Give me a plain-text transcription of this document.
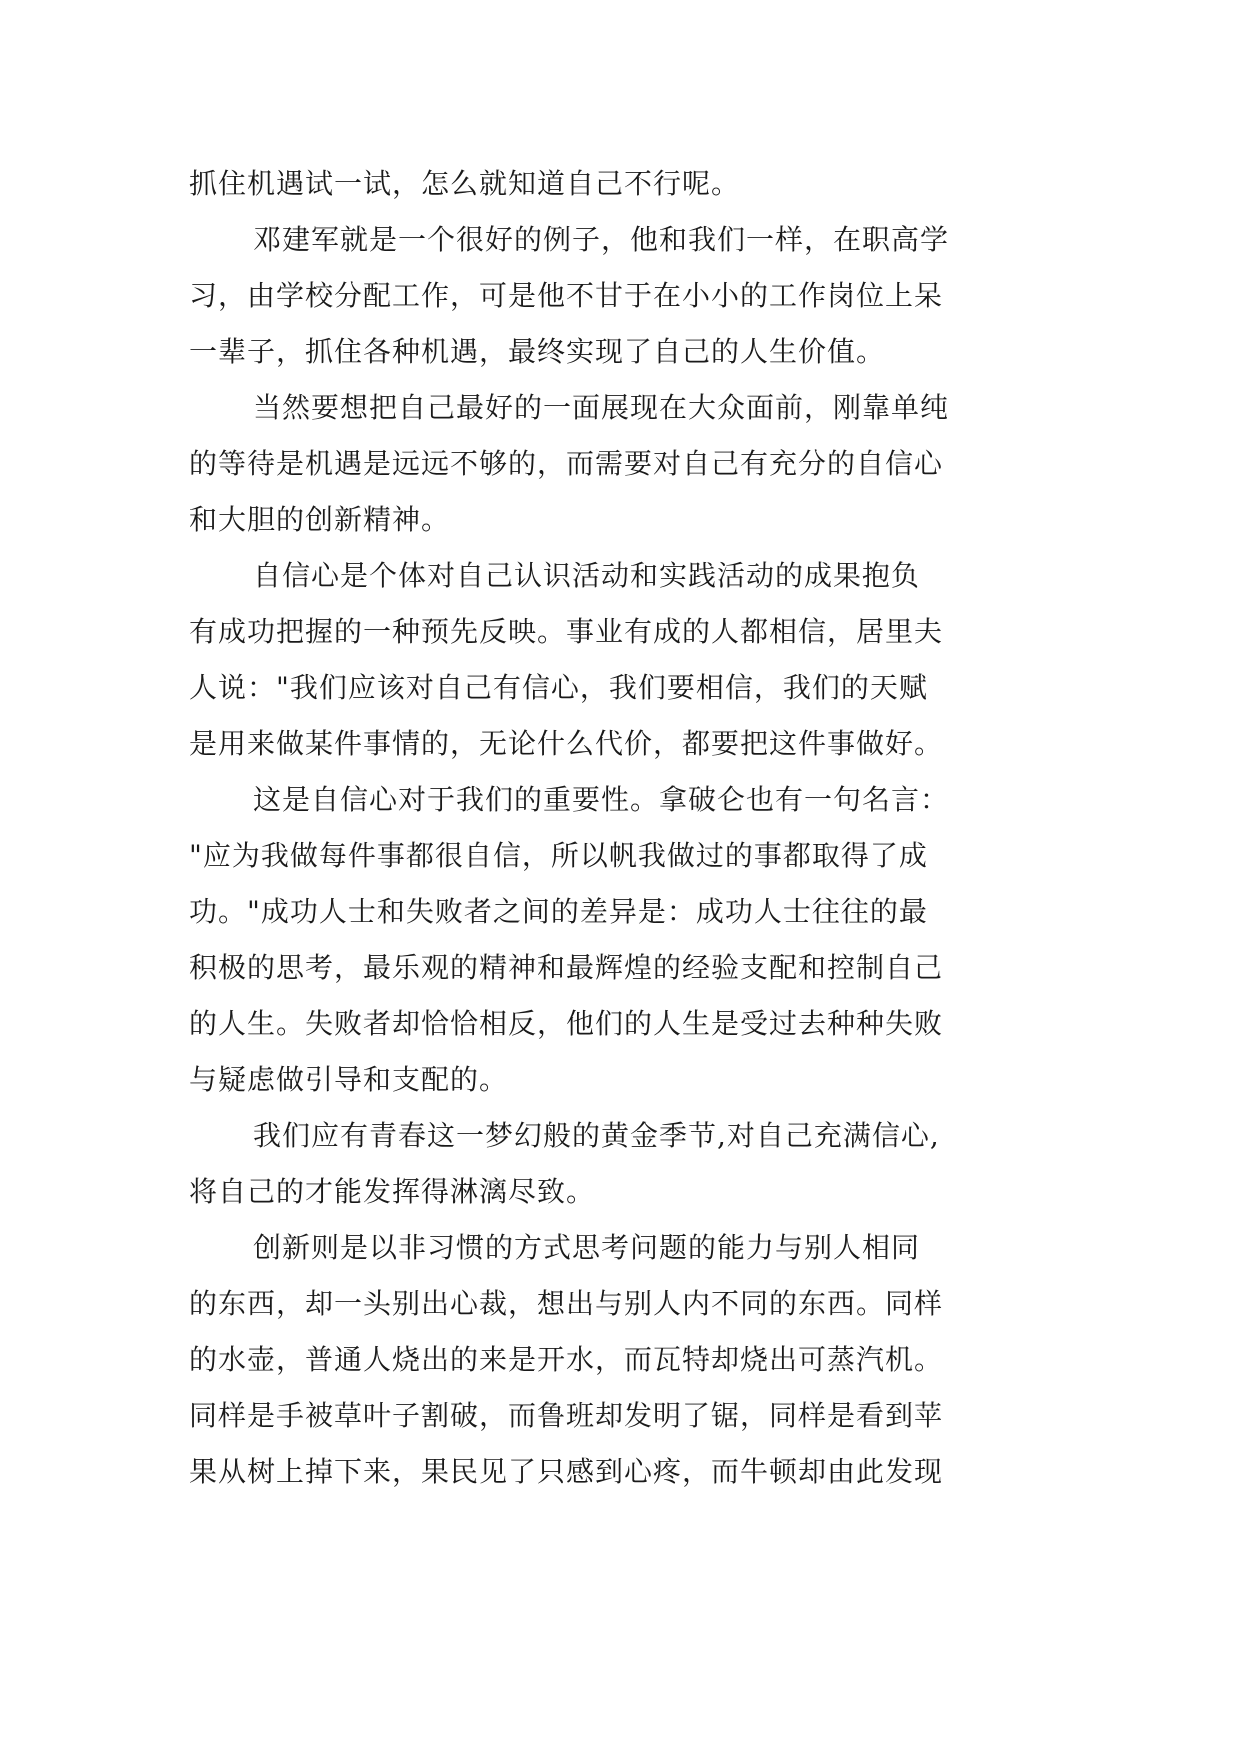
抓住机遇试一试，怎么就知道自己不行呢。
邓建军就是一个很好的例子，他和我们一样，在职高学
习，由学校分配工作，可是他不甘于在小小的工作岗位上呆
一辈子，抓住各种机遇，最终实现了自己的人生价值。
当然要想把自己最好的一面展现在大众面前，刚靠单纯
的等待是机遇是远远不够的，而需要对自己有充分的自信心
和大胆的创新精神。
自信心是个体对自己认识活动和实践活动的成果抱负
有成功把握的一种预先反映。事业有成的人都相信，居里夫
人说："我们应该对自己有信心，我们要相信，我们的天赋
是用来做某件事情的，无论什么代价，都要把这件事做好。
这是自信心对于我们的重要性。拿破仑也有一句名言：
"应为我做每件事都很自信，所以帆我做过的事都取得了成
功。"成功人士和失败者之间的差异是：成功人士往往的最
积极的思考，最乐观的精神和最辉煌的经验支配和控制自己
的人生。失败者却恰恰相反，他们的人生是受过去种种失败
与疑虑做引导和支配的。
我们应有青春这一梦幻般的黄金季节,对自己充满信心,
将自己的才能发挥得淋漓尽致。
创新则是以非习惯的方式思考问题的能力与别人相同
的东西，却一头别出心裁，想出与别人内不同的东西。同样
的水壶，普通人烧出的来是开水，而瓦特却烧出可蒸汽机。
同样是手被草叶子割破，而鲁班却发明了锯，同样是看到苹
果从树上掉下来，果民见了只感到心疼，而牛顿却由此发现
